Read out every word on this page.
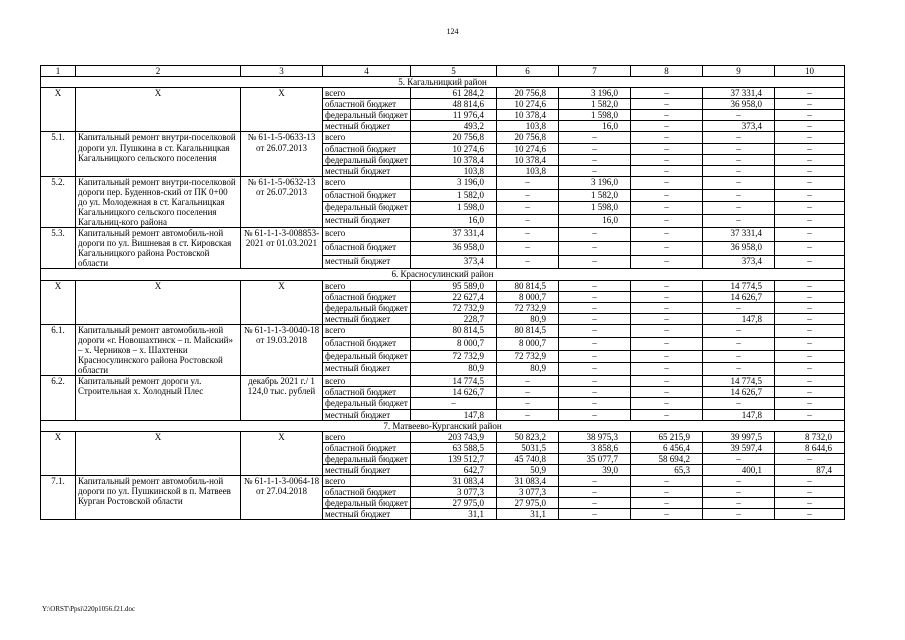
124
1	2	3	4	5	6	7	8	9	10
5. Кагальницкий район									
Х	Х	Х	всего	61 284,2	20 756,8	3 196,0	–	37 331,4	–
			областной бюджет	48 814,6	10 274,6	1 582,0	–	36 958,0	–
			федеральный бюджет	11 976,4	10 378,4	1 598,0	–	–	–
			местный бюджет	493,2	103,8	16,0	–	373,4	–
5.1.	Капитальный ремонт внутри-поселковой дороги ул. Пушкина в ст. Кагальницкая Кагальницкого сельского поселения	№ 61-1-5-0633-13 от 26.07.2013	всего	20 756,8	20 756,8	–	–	–	–
			областной бюджет	10 274,6	10 274,6	–	–	–	–
			федеральный бюджет	10 378,4	10 378,4	–	–	–	–
			местный бюджет	103,8	103,8	–	–	–	–
5.2.	Капитальный ремонт внутри-поселковой дороги пер. Буденнов-ский от ПК 0+00 до ул. Молодежная в ст. Кагальницкая Кагальницкого сельского поселения Кагальниц-кого района	№ 61-1-5-0632-13 от 26.07.2013	всего	3 196,0	–	3 196,0	–	–	–
			областной бюджет	1 582,0	–	1 582,0	–	–	–
			федеральный бюджет	1 598,0	–	1 598,0	–	–	–
			местный бюджет	16,0	–	16,0	–	–	–
5.3.	Капитальный ремонт автомобиль-ной дороги по ул. Вишневая в ст. Кировская Кагальницкого района Ростовской области	№ 61-1-1-3-008853-2021 от 01.03.2021	всего	37 331,4	–	–	–	37 331,4	–
			областной бюджет	36 958,0	–	–	–	36 958,0	–
			местный бюджет	373,4	–	–	–	373,4	–
6. Красносулинский район									
Х	Х	Х	всего	95 589,0	80 814,5	–	–	14 774,5	–
			областной бюджет	22 627,4	8 000,7	–	–	14 626,7	–
			федеральный бюджет	72 732,9	72 732,9	–	–	–	–
			местный бюджет	228,7	80,9	–	–	147,8	–
6.1.	Капитальный ремонт автомобиль-ной дороги «г. Новошахтинск – п. Майский» – х. Черников – х. Шахтенки Красносулинского района Ростовской области	№ 61-1-1-3-0040-18 от 19.03.2018	всего	80 814,5	80 814,5	–	–	–	–
			областной бюджет	8 000,7	8 000,7	–	–	–	–
			федеральный бюджет	72 732,9	72 732,9	–	–	–	–
			местный бюджет	80,9	80,9	–	–	–	–
6.2.	Капитальный ремонт дороги ул. Строительная х. Холодный Плес	декабрь 2021 г./ 1 124,0 тыс. рублей	всего	14 774,5	–	–	–	14 774,5	–
			областной бюджет	14 626,7	–	–	–	14 626,7	–
			федеральный бюджет	–	–	–	–	–	–
			местный бюджет	147,8	–	–	–	147,8	–
7. Матвеево-Курганский район									
Х	Х	Х	всего	203 743,9	50 823,2	38 975,3	65 215,9	39 997,5	8 732,0
			областной бюджет	63 588,5	5031,5	3 858,6	6 456,4	39 597,4	8 644,6
			федеральный бюджет	139 512,7	45 740,8	35 077,7	58 694,2	–	–
			местный бюджет	642,7	50,9	39,0	65,3	400,1	87,4
7.1.	Капитальный ремонт автомобиль-ной дороги по ул. Пушкинской в п. Матвеев Курган Ростовской области	№ 61-1-1-3-0064-18 от 27.04.2018	всего	31 083,4	31 083,4	–	–	–	–
			областной бюджет	3 077,3	3 077,3	–	–	–	–
			федеральный бюджет	27 975,0	27 975,0	–	–	–	–
			местный бюджет	31,1	31,1	–	–	–	–
Y:\ORST\Ppsi\220p1056.f21.doc
